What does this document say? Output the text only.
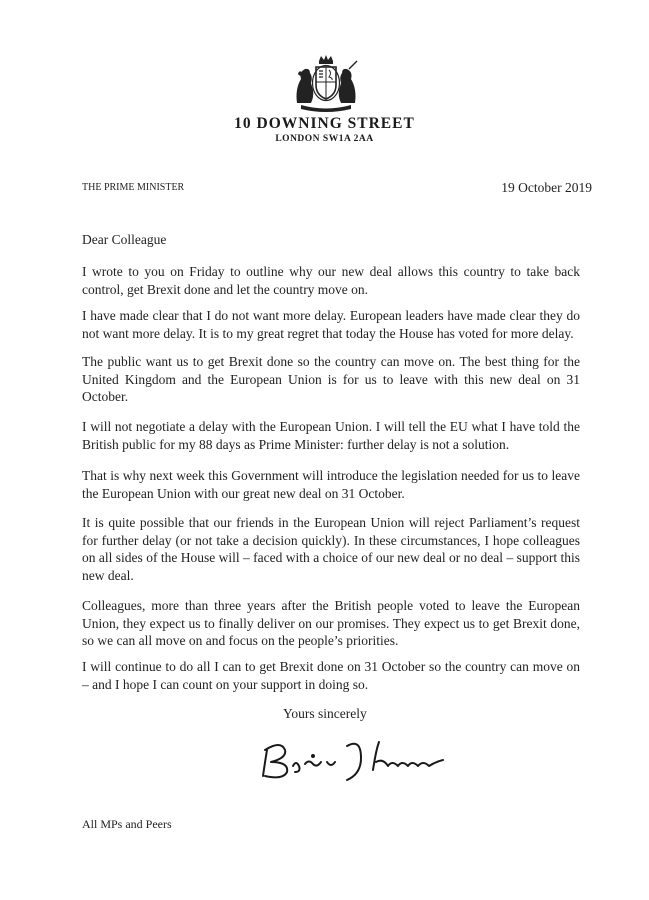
10 DOWNING STREET
LONDON SW1A 2AA
THE PRIME MINISTER	19 October 2019
Dear Colleague

I wrote to you on Friday to outline why our new deal allows this country to take back control, get Brexit done and let the country move on.

I have made clear that I do not want more delay. European leaders have made clear they do not want more delay. It is to my great regret that today the House has voted for more delay.

The public want us to get Brexit done so the country can move on. The best thing for the United Kingdom and the European Union is for us to leave with this new deal on 31 October.

I will not negotiate a delay with the European Union. I will tell the EU what I have told the British public for my 88 days as Prime Minister: further delay is not a solution.

That is why next week this Government will introduce the legislation needed for us to leave the European Union with our great new deal on 31 October.

It is quite possible that our friends in the European Union will reject Parliament’s request for further delay (or not take a decision quickly). In these circumstances, I hope colleagues on all sides of the House will – faced with a choice of our new deal or no deal – support this new deal.

Colleagues, more than three years after the British people voted to leave the European Union, they expect us to finally deliver on our promises. They expect us to get Brexit done, so we can all move on and focus on the people’s priorities.

I will continue to do all I can to get Brexit done on 31 October so the country can move on – and I hope I can count on your support in doing so.

Yours sincerely
All MPs and Peers
